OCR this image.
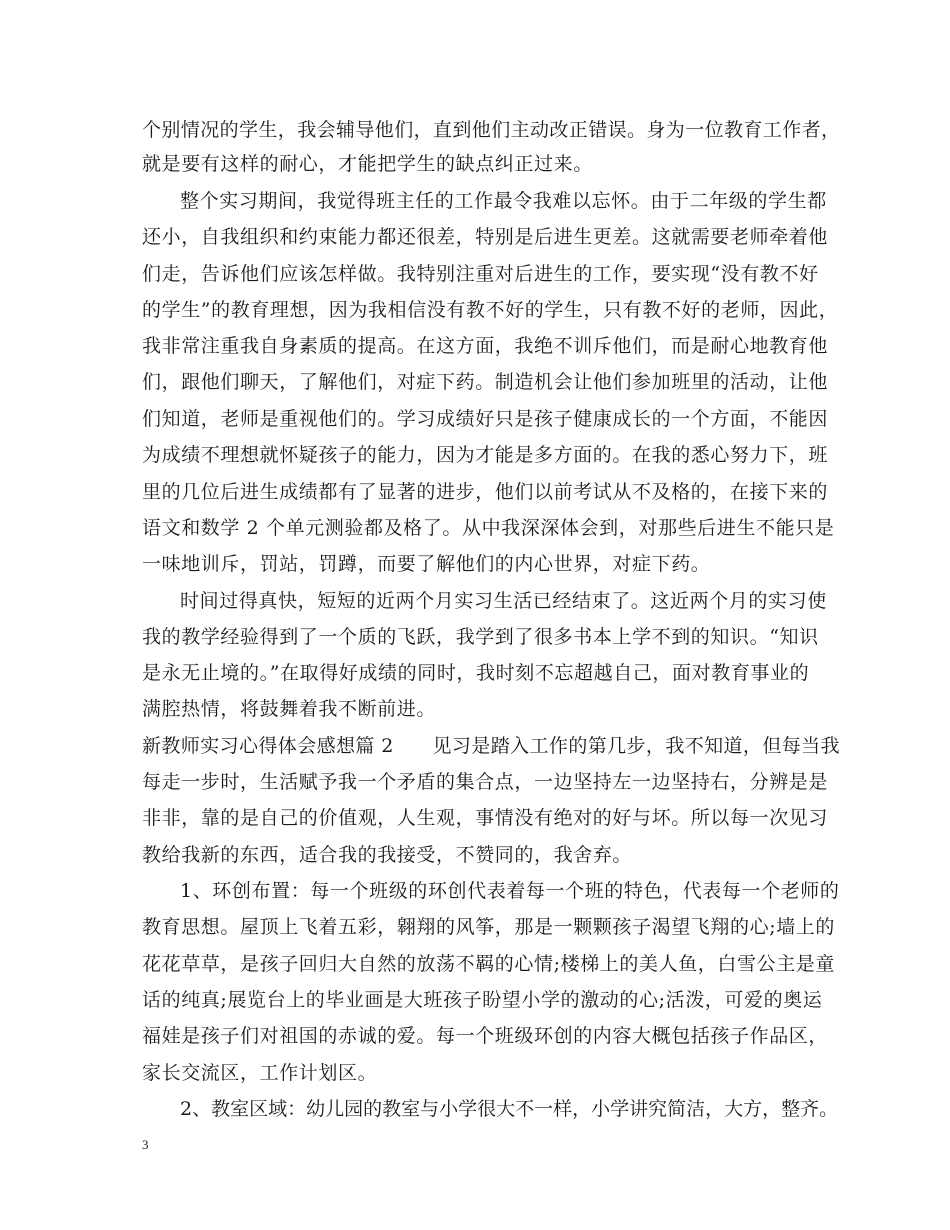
个别情况的学生，我会辅导他们，直到他们主动改正错误。身为一位教育工作者，
就是要有这样的耐心，才能把学生的缺点纠正过来。
整个实习期间，我觉得班主任的工作最令我难以忘怀。由于二年级的学生都
还小，自我组织和约束能力都还很差，特别是后进生更差。这就需要老师牵着他
们走，告诉他们应该怎样做。我特别注重对后进生的工作，要实现“没有教不好
的学生”的教育理想，因为我相信没有教不好的学生，只有教不好的老师，因此，
我非常注重我自身素质的提高。在这方面，我绝不训斥他们，而是耐心地教育他
们，跟他们聊天，了解他们，对症下药。制造机会让他们参加班里的活动，让他
们知道，老师是重视他们的。学习成绩好只是孩子健康成长的一个方面，不能因
为成绩不理想就怀疑孩子的能力，因为才能是多方面的。在我的悉心努力下，班
里的几位后进生成绩都有了显著的进步，他们以前考试从不及格的，在接下来的
语文和数学 2 个单元测验都及格了。从中我深深体会到，对那些后进生不能只是
一味地训斥，罚站，罚蹲，而要了解他们的内心世界，对症下药。
时间过得真快，短短的近两个月实习生活已经结束了。这近两个月的实习使
我的教学经验得到了一个质的飞跃，我学到了很多书本上学不到的知识。“知识
是永无止境的。”在取得好成绩的同时，我时刻不忘超越自己，面对教育事业的
满腔热情，将鼓舞着我不断前进。
新教师实习心得体会感想篇 2　　见习是踏入工作的第几步，我不知道，但每当我
每走一步时，生活赋予我一个矛盾的集合点，一边坚持左一边坚持右，分辨是是
非非，靠的是自己的价值观，人生观，事情没有绝对的好与坏。所以每一次见习
教给我新的东西，适合我的我接受，不赞同的，我舍弃。
1、环创布置：每一个班级的环创代表着每一个班的特色，代表每一个老师的
教育思想。屋顶上飞着五彩，翱翔的风筝，那是一颗颗孩子渴望飞翔的心;墙上的
花花草草，是孩子回归大自然的放荡不羁的心情;楼梯上的美人鱼，白雪公主是童
话的纯真;展览台上的毕业画是大班孩子盼望小学的激动的心;活泼，可爱的奥运
福娃是孩子们对祖国的赤诚的爱。每一个班级环创的内容大概包括孩子作品区，
家长交流区，工作计划区。
2、教室区域：幼儿园的教室与小学很大不一样，小学讲究简洁，大方，整齐。
3
